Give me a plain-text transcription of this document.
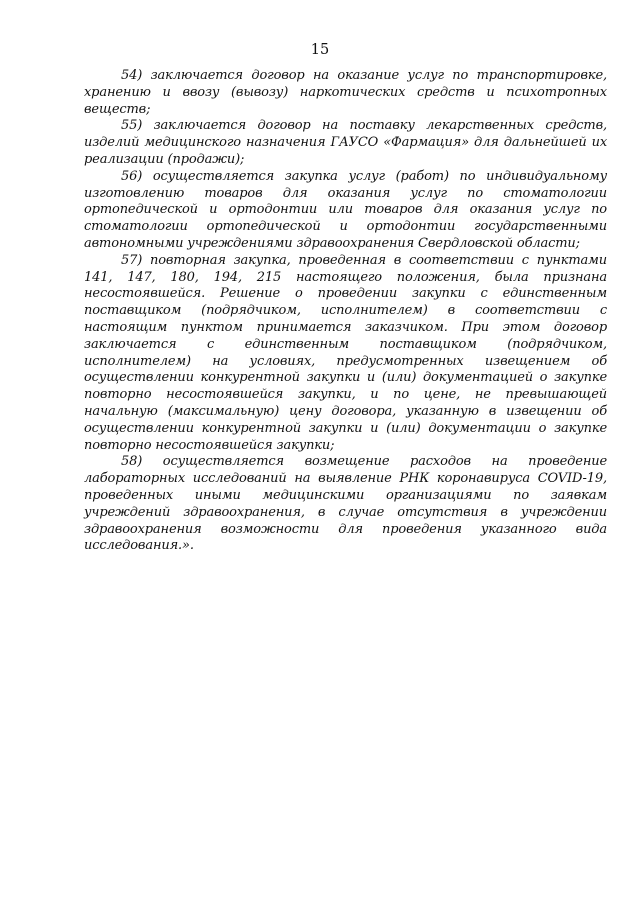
15

54) заключается договор на оказание услуг по транспортировке, хранению и ввозу (вывозу) наркотических средств и психотропных веществ;

55) заключается договор на поставку лекарственных средств, изделий медицинского назначения ГАУСО «Фармация» для дальнейшей их реализации (продажи);

56) осуществляется закупка услуг (работ) по индивидуальному изготовлению товаров для оказания услуг по стоматологии ортопедической и ортодонтии или товаров для оказания услуг по стоматологии ортопедической и ортодонтии государственными автономными учреждениями здравоохранения Свердловской области;

57) повторная закупка, проведенная в соответствии с пунктами 141, 147, 180, 194, 215 настоящего положения, была признана несостоявшейся. Решение о проведении закупки с единственным поставщиком (подрядчиком, исполнителем) в соответствии с настоящим пунктом принимается заказчиком. При этом договор заключается с единственным поставщиком (подрядчиком, исполнителем) на условиях, предусмотренных извещением об осуществлении конкурентной закупки и (или) документацией о закупке повторно несостоявшейся закупки, и по цене, не превышающей начальную (максимальную) цену договора, указанную в извещении об осуществлении конкурентной закупки и (или) документации о закупке повторно несостоявшейся закупки;

58) осуществляется возмещение расходов на проведение лабораторных исследований на выявление РНК коронавируса COVID-19, проведенных иными медицинскими организациями по заявкам учреждений здравоохранения, в случае отсутствия в учреждении здравоохранения возможности для проведения указанного вида исследования.».
